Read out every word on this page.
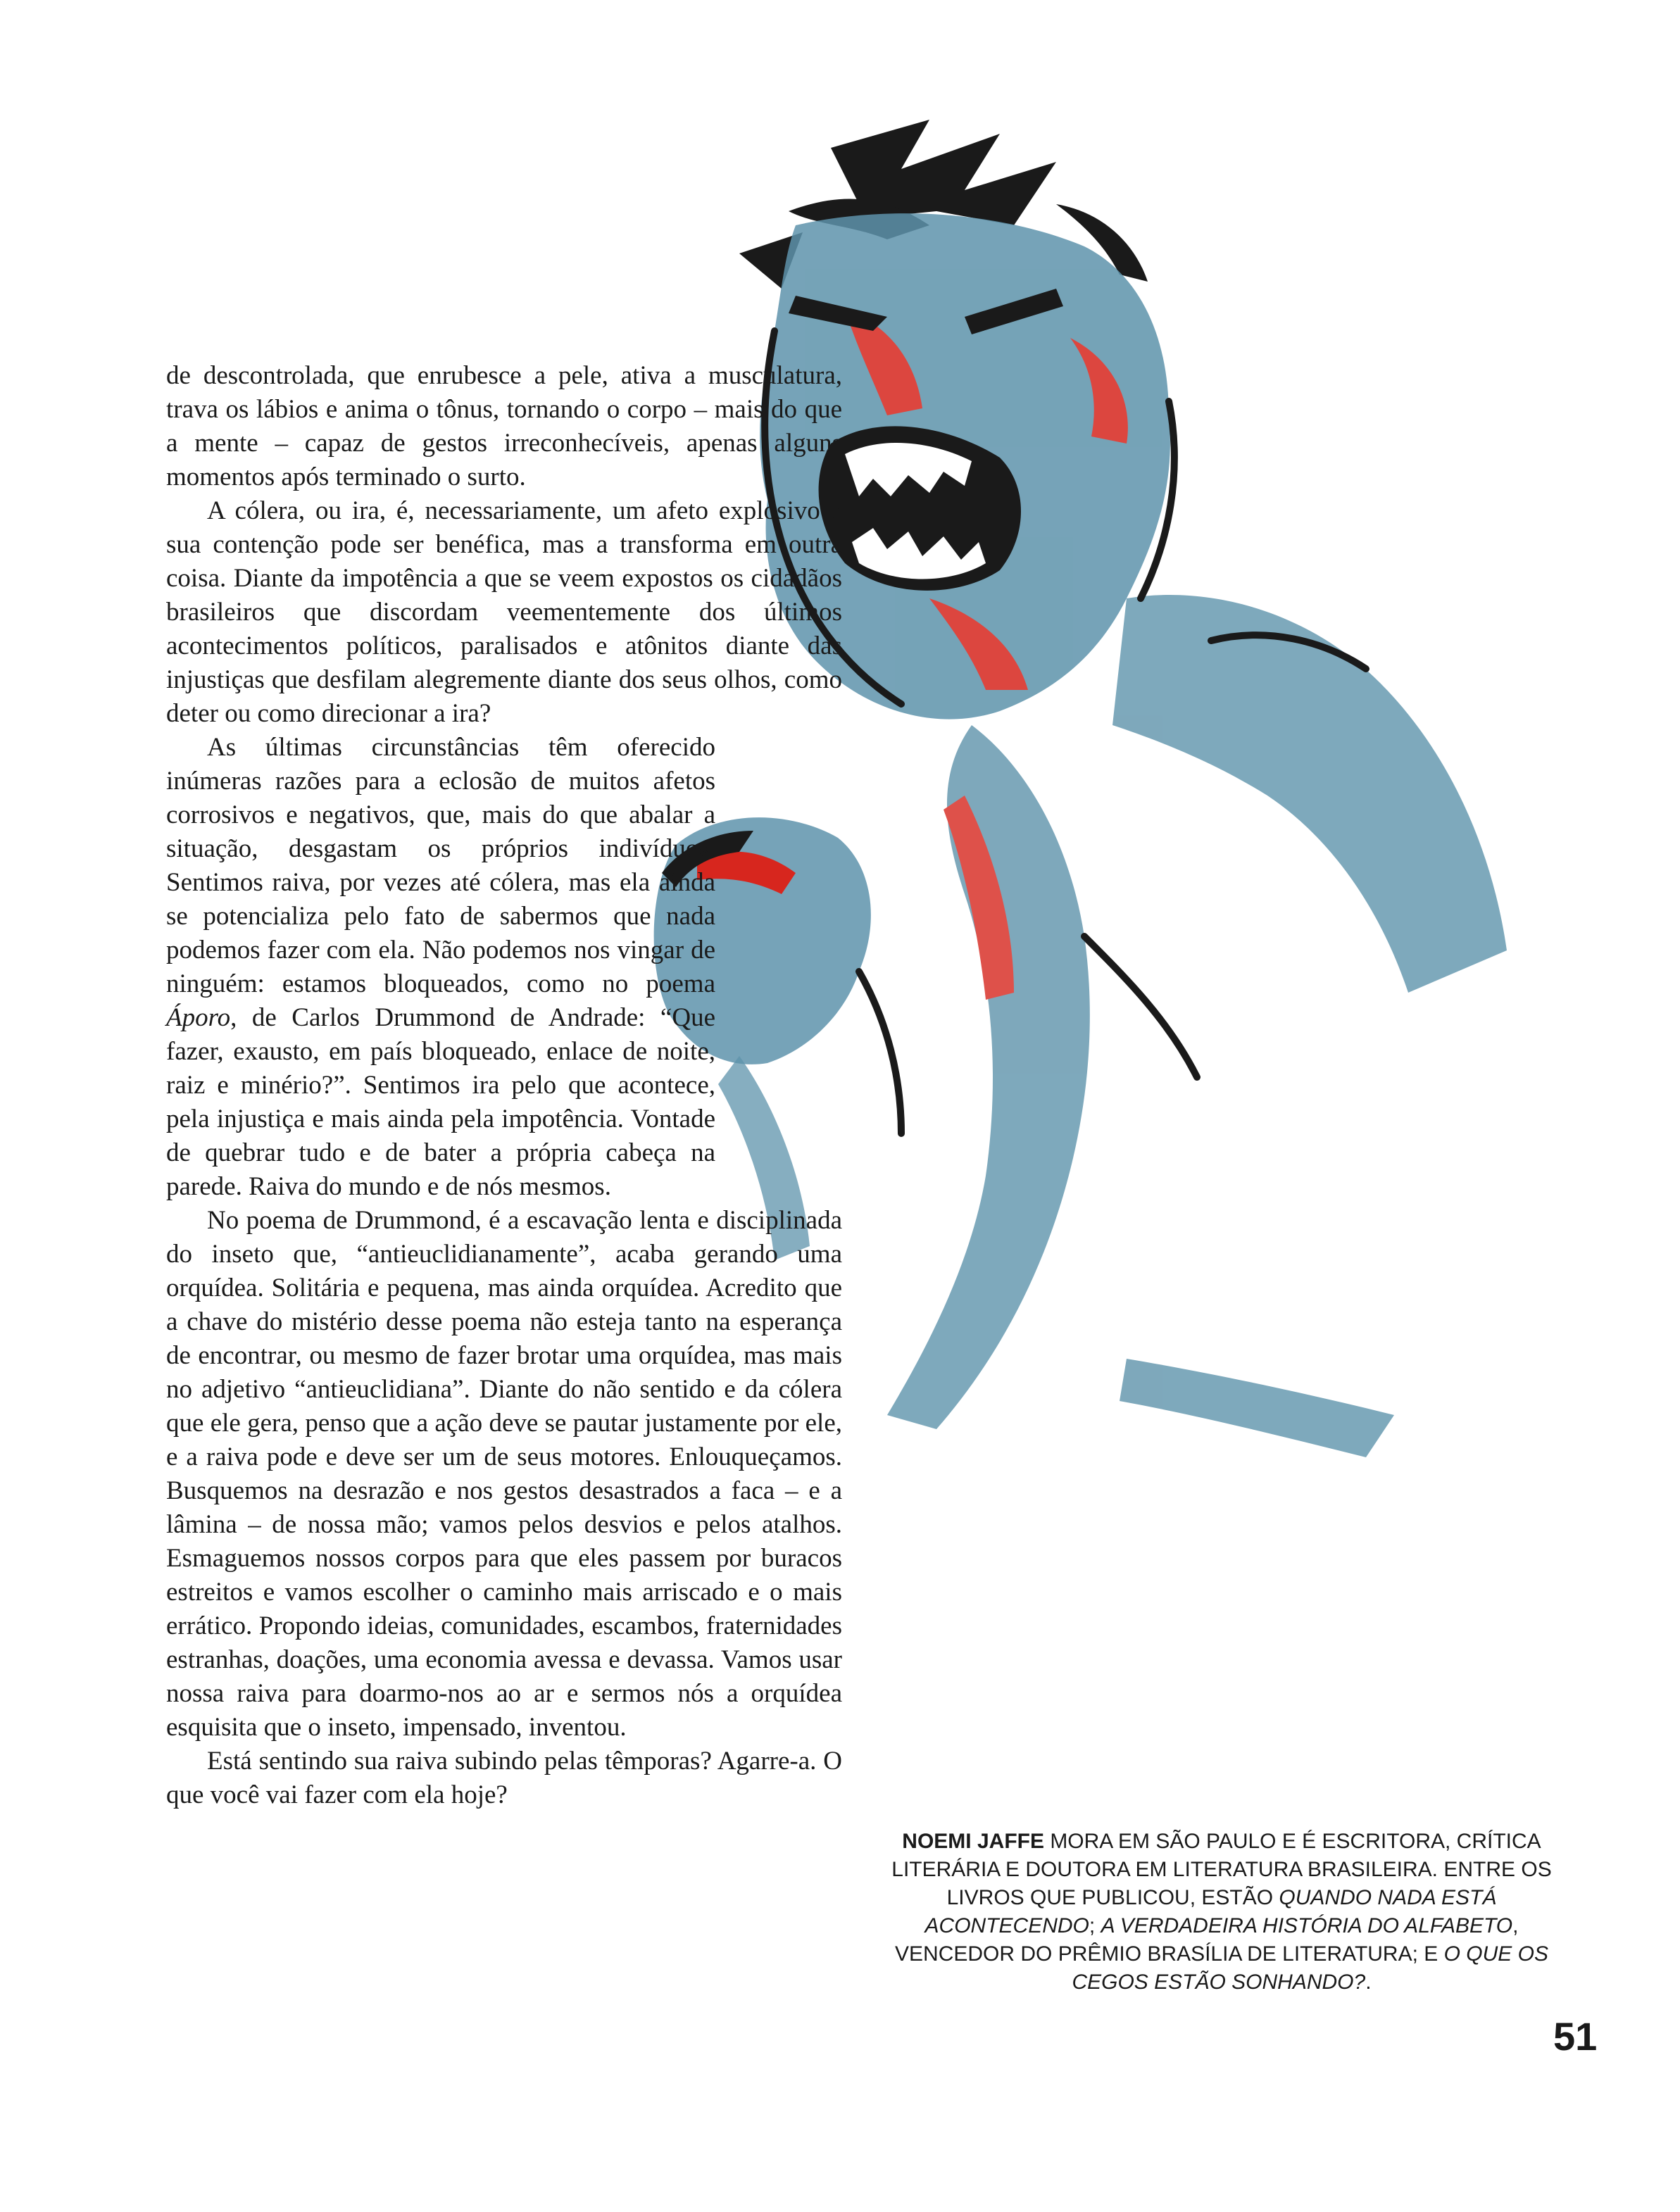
de descontrolada, que enrubesce a pele, ativa a musculatura, trava os lábios e anima o tônus, tornando o corpo – mais do que a mente – capaz de gestos irreconhecíveis, apenas alguns momentos após terminado o surto.

A cólera, ou ira, é, necessariamente, um afeto explosivo e sua contenção pode ser benéfica, mas a transforma em outra coisa. Diante da impotência a que se veem expostos os cidadãos brasileiros que discordam veementemente dos últimos acontecimentos políticos, paralisados e atônitos diante das injustiças que desfilam alegremente diante dos seus olhos, como deter ou como direcionar a ira?

As últimas circunstâncias têm oferecido inúmeras razões para a eclosão de muitos afetos corrosivos e negativos, que, mais do que abalar a situação, desgastam os próprios indivíduos. Sentimos raiva, por vezes até cólera, mas ela ainda se potencializa pelo fato de sabermos que nada podemos fazer com ela. Não podemos nos vingar de ninguém: estamos bloqueados, como no poema Áporo, de Carlos Drummond de Andrade: “Que fazer, exausto, em país bloqueado, enlace de noite, raiz e minério?”. Sentimos ira pelo que acontece, pela injustiça e mais ainda pela impotência. Vontade de quebrar tudo e de bater a própria cabeça na parede. Raiva do mundo e de nós mesmos.

No poema de Drummond, é a escavação lenta e disciplinada do inseto que, “antieuclidianamente”, acaba gerando uma orquídea. Solitária e pequena, mas ainda orquídea. Acredito que a chave do mistério desse poema não esteja tanto na esperança de encontrar, ou mesmo de fazer brotar uma orquídea, mas mais no adjetivo “antieuclidiana”. Diante do não sentido e da cólera que ele gera, penso que a ação deve se pautar justamente por ele, e a raiva pode e deve ser um de seus motores. Enlouqueçamos. Busquemos na desrazão e nos gestos desastrados a faca – e a lâmina – de nossa mão; vamos pelos desvios e pelos atalhos. Esmaguemos nossos corpos para que eles passem por buracos estreitos e vamos escolher o caminho mais arriscado e o mais errático. Propondo ideias, comunidades, escambos, fraternidades estranhas, doações, uma economia avessa e devassa. Vamos usar nossa raiva para doarmo-nos ao ar e sermos nós a orquídea esquisita que o inseto, impensado, inventou.

Está sentindo sua raiva subindo pelas têmporas? Agarre-a. O que você vai fazer com ela hoje?

NOEMI JAFFE MORA EM SÃO PAULO E É ESCRITORA, CRÍTICA LITERÁRIA E DOUTORA EM LITERATURA BRASILEIRA. ENTRE OS LIVROS QUE PUBLICOU, ESTÃO QUANDO NADA ESTÁ ACONTECENDO; A VERDADEIRA HISTÓRIA DO ALFABETO, VENCEDOR DO PRÊMIO BRASÍLIA DE LITERATURA; E O QUE OS CEGOS ESTÃO SONHANDO?.
51
